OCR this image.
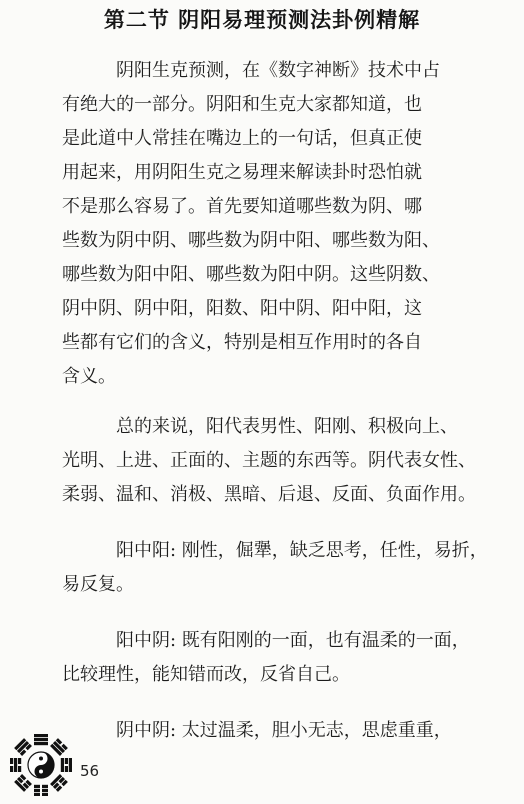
第二节 阴阳易理预测法卦例精解
阴阳生克预测，在《数字神断》技术中占
有绝大的一部分。阴阳和生克大家都知道，也
是此道中人常挂在嘴边上的一句话，但真正使
用起来，用阴阳生克之易理来解读卦时恐怕就
不是那么容易了。首先要知道哪些数为阴、哪
些数为阴中阴、哪些数为阴中阳、哪些数为阳、
哪些数为阳中阳、哪些数为阳中阴。这些阴数、
阴中阴、阴中阳，阳数、阳中阴、阳中阳，这
些都有它们的含义，特别是相互作用时的各自
含义。
总的来说，阳代表男性、阳刚、积极向上、
光明、上进、正面的、主题的东西等。阴代表女性、
柔弱、温和、消极、黑暗、后退、反面、负面作用。
阳中阳: 刚性，倔犟，缺乏思考，任性，易折，
易反复。
阳中阴: 既有阳刚的一面，也有温柔的一面，
比较理性，能知错而改，反省自己。
阴中阴: 太过温柔，胆小无志，思虑重重，
56
